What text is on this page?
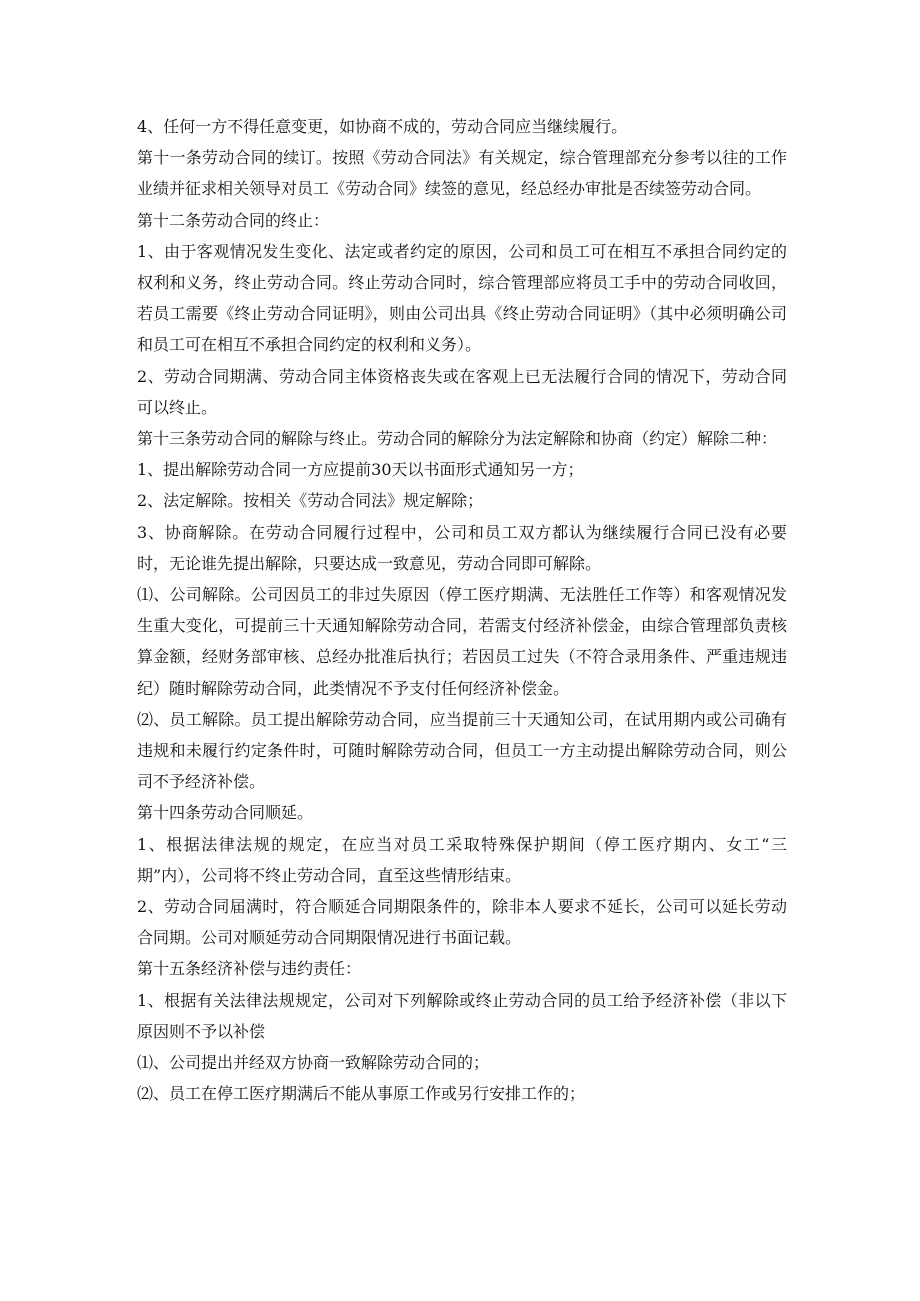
4、任何一方不得任意变更，如协商不成的，劳动合同应当继续履行。

第十一条劳动合同的续订。按照《劳动合同法》有关规定，综合管理部充分参考以往的工作业绩并征求相关领导对员工《劳动合同》续签的意见，经总经办审批是否续签劳动合同。

第十二条劳动合同的终止：

1、由于客观情况发生变化、法定或者约定的原因，公司和员工可在相互不承担合同约定的权利和义务，终止劳动合同。终止劳动合同时，综合管理部应将员工手中的劳动合同收回，若员工需要《终止劳动合同证明》，则由公司出具《终止劳动合同证明》（其中必须明确公司和员工可在相互不承担合同约定的权利和义务）。

2、劳动合同期满、劳动合同主体资格丧失或在客观上已无法履行合同的情况下，劳动合同可以终止。

第十三条劳动合同的解除与终止。劳动合同的解除分为法定解除和协商（约定）解除二种：

1、提出解除劳动合同一方应提前30天以书面形式通知另一方；

2、法定解除。按相关《劳动合同法》规定解除；

3、协商解除。在劳动合同履行过程中，公司和员工双方都认为继续履行合同已没有必要时，无论谁先提出解除，只要达成一致意见，劳动合同即可解除。

⑴、公司解除。公司因员工的非过失原因（停工医疗期满、无法胜任工作等）和客观情况发生重大变化，可提前三十天通知解除劳动合同，若需支付经济补偿金，由综合管理部负责核算金额，经财务部审核、总经办批准后执行；若因员工过失（不符合录用条件、严重违规违纪）随时解除劳动合同，此类情况不予支付任何经济补偿金。

⑵、员工解除。员工提出解除劳动合同，应当提前三十天通知公司，在试用期内或公司确有违规和未履行约定条件时，可随时解除劳动合同，但员工一方主动提出解除劳动合同，则公司不予经济补偿。

第十四条劳动合同顺延。

1、根据法律法规的规定，在应当对员工采取特殊保护期间（停工医疗期内、女工“三期”内），公司将不终止劳动合同，直至这些情形结束。

2、劳动合同届满时，符合顺延合同期限条件的，除非本人要求不延长，公司可以延长劳动合同期。公司对顺延劳动合同期限情况进行书面记载。

第十五条经济补偿与违约责任：

1、根据有关法律法规规定，公司对下列解除或终止劳动合同的员工给予经济补偿（非以下原因则不予以补偿

⑴、公司提出并经双方协商一致解除劳动合同的；

⑵、员工在停工医疗期满后不能从事原工作或另行安排工作的；
